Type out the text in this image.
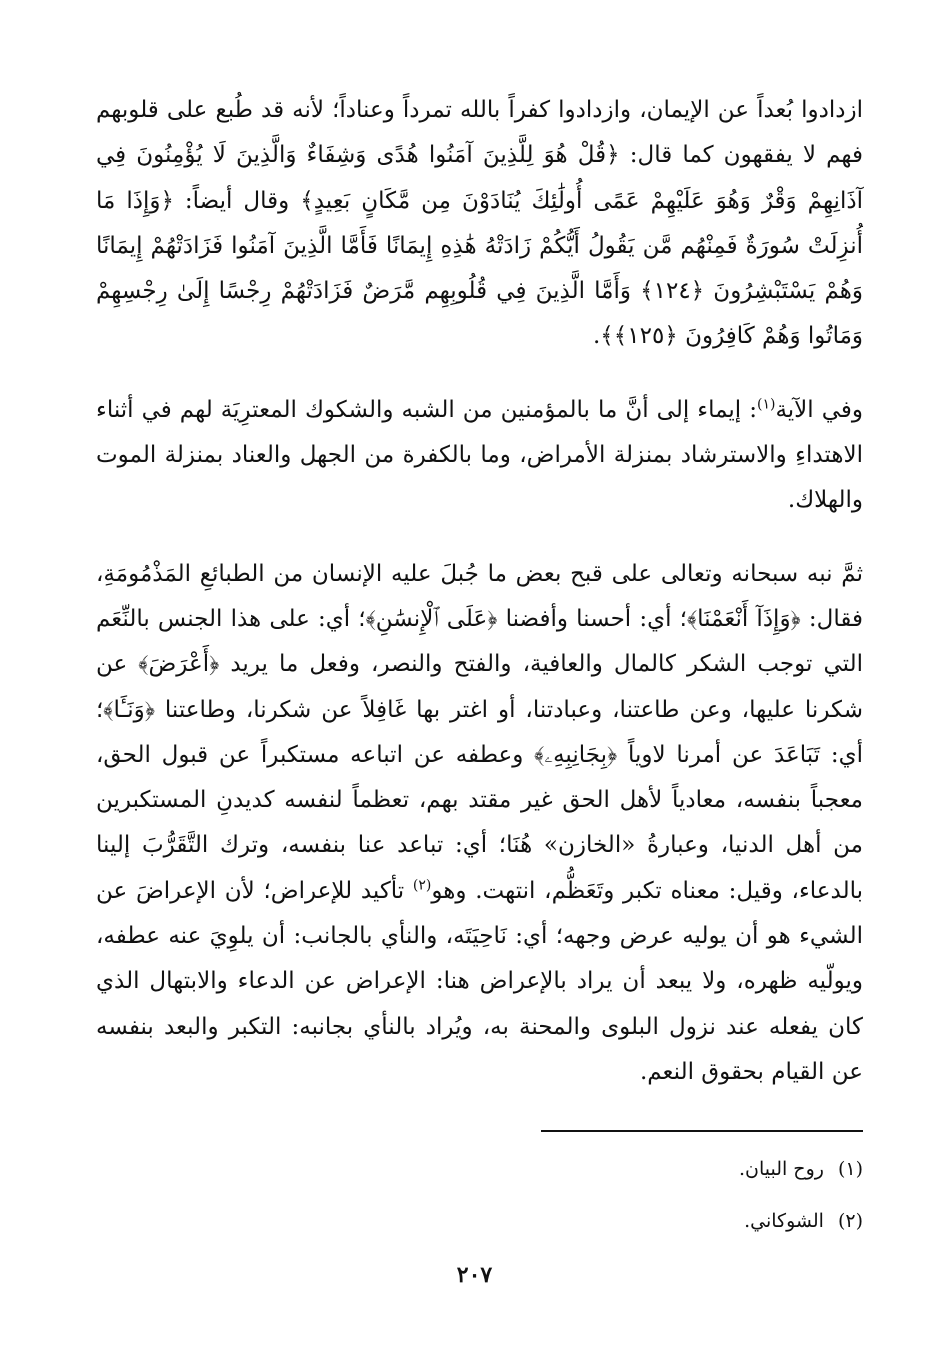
ازدادوا بُعداً عن الإيمان، وازدادوا كفراً بالله تمرداً وعناداً؛ لأنه قد طُبع على قلوبهم فهم لا يفقهون كما قال: ﴿قُلْ هُوَ لِلَّذِينَ آمَنُوا هُدًى وَشِفَاءٌ وَالَّذِينَ لَا يُؤْمِنُونَ فِي آذَانِهِمْ وَقْرٌ وَهُوَ عَلَيْهِمْ عَمًى أُولَٰئِكَ يُنَادَوْنَ مِن مَّكَانٍ بَعِيدٍ﴾ وقال أيضاً: ﴿وَإِذَا مَا أُنزِلَتْ سُورَةٌ فَمِنْهُم مَّن يَقُولُ أَيُّكُمْ زَادَتْهُ هَٰذِهِ إِيمَانًا فَأَمَّا الَّذِينَ آمَنُوا فَزَادَتْهُمْ إِيمَانًا وَهُمْ يَسْتَبْشِرُونَ ﴿١٢٤﴾ وَأَمَّا الَّذِينَ فِي قُلُوبِهِم مَّرَضٌ فَزَادَتْهُمْ رِجْسًا إِلَىٰ رِجْسِهِمْ وَمَاتُوا وَهُمْ كَافِرُونَ ﴿١٢٥﴾﴾.

وفي الآية$^{(١)}$: إيماء إلى أنَّ ما بالمؤمنين من الشبه والشكوك المعترِيَة لهم في أثناء الاهتداءِ والاسترشاد بمنزلة الأمراض، وما بالكفرة من الجهل والعناد بمنزلة الموت والهلاك.

ثمَّ نبه سبحانه وتعالى على قبح بعض ما جُبلَ عليه الإنسان من الطبائعِ المَذْمُومَةِ، فقال: ﴿وَإِذَآ أَنْعَمْنَا﴾؛ أي: أحسنا وأفضنا ﴿عَلَى ٱلْإِنسَٰنِ﴾؛ أي: على هذا الجنس بالنِّعَم التي توجب الشكر كالمال والعافية، والفتح والنصر، وفعل ما يريد ﴿أَعْرَضَ﴾ عن شكرنا عليها، وعن طاعتنا، وعبادتنا، أو اغتر بها غَافِلاً عن شكرنا، وطاعتنا ﴿وَنَـَٔا﴾؛ أي: تَبَاعَدَ عن أمرنا لاوياً ﴿بِجَانِبِهِۦ﴾ وعطفه عن اتباعه مستكبراً عن قبول الحق، معجباً بنفسه، معادياً لأهل الحق غير مقتد بهم، تعظماً لنفسه كديدنِ المستكبرين من أهل الدنيا، وعبارةُ «الخازن» هُنَا؛ أي: تباعد عنا بنفسه، وترك التَّقَرُّبَ إلينا بالدعاء، وقيل: معناه تكبر وتَعَظُّم، انتهت. وهو$^{(٢)}$ تأكيد للإعراض؛ لأن الإعراضَ عن الشيء هو أن يوليه عرض وجهه؛ أي: نَاحِيَتَه، والنأي بالجانب: أن يلوِيَ عنه عطفه، ويولّيه ظهره، ولا يبعد أن يراد بالإعراض هنا: الإعراض عن الدعاء والابتهال الذي كان يفعله عند نزول البلوى والمحنة به، ويُراد بالنأي بجانبه: التكبر والبعد بنفسه عن القيام بحقوق النعم.

(١)روح البيان.

(٢)الشوكاني.

٢٠٧
